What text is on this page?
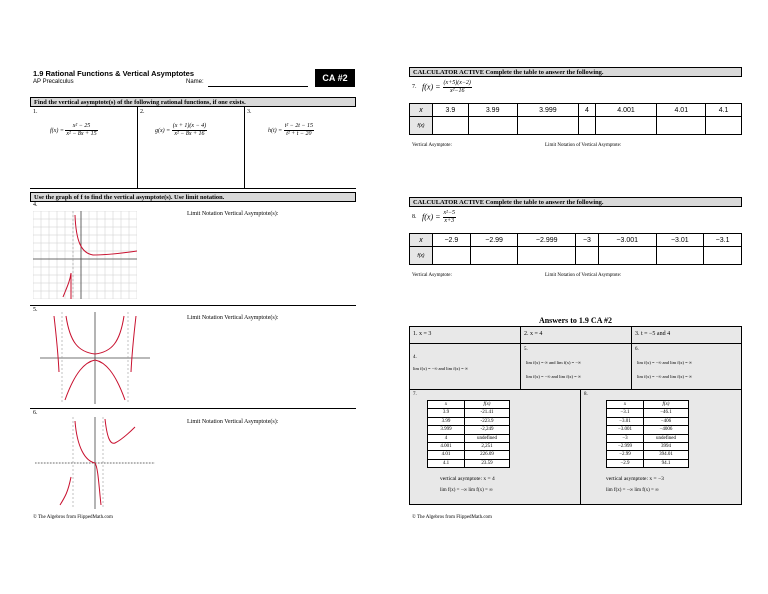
1.9 Rational Functions & Vertical Asymptotes
AP Precalculus	Name:	CA #2
Find the vertical asymptote(s) of the following rational functions, if one exists.
1.
$f(x) = \frac{\text{x² − 25}}{\text{x² − 8x + 15}}$
2.
$g(x) = \frac{(x + 1)(x - 4)}{\text{x² − 8x + 16}}$
3.
$h(t) = \frac{\text{t² − 2t − 15}}{\text{t² + t − 20}}$
Use the graph of f to find the vertical asymptote(s). Use limit notation.
4.
Limit Notation Vertical Asymptote(s):
5.
Limit Notation Vertical Asymptote(s):
6.
Limit Notation Vertical Asymptote(s):
© The Algebros from FlippedMath.com
CALCULATOR ACTIVE Complete the table to answer the following.
7. $f(x) = \frac{(x+5)(x-2)}{\text{x²−16}}$
x	3.9	3.99	3.999	4	4.001	4.01	4.1
f(x)							
Vertical Asymptote:	Limit Notation of Vertical Asymptote:
CALCULATOR ACTIVE Complete the table to answer the following.
8. $f(x) = \frac{\text{x²−5}}{x+3}$
x	−2.9	−2.99	−2.999	−3	−3.001	−3.01	−3.1
f(x)							
Vertical Asymptote:	Limit Notation of Vertical Asymptote:
Answers to 1.9 CA #2
1. x = 3	2. x = 4	3. t = −5 and 4
4.
lim f(x) = −∞ and lim f(x) = ∞
5.
lim f(x) = ∞ and lim f(x) = −∞
lim f(x) = −∞ and lim f(x) = ∞
6.
lim f(x) = −∞ and lim f(x) = ∞
lim f(x) = −∞ and lim f(x) = ∞
7.
x	f(x)
3.9	-21.41
3.99	-223.9
3.999	-2,249
4	undefined
4.001	2,251
4.01	226.09
4.1	23.59
vertical asymptote: x = 4
lim f(x) = −∞ lim f(x) = ∞
8.
x	f(x)
−3.1	−46.1
−3.01	−406
−3.001	−4006
−3	undefined
−2.999	3994
−2.99	394.01
−2.9	94.1
vertical asymptote: x = −3
lim f(x) = −∞ lim f(x) = ∞
© The Algebros from FlippedMath.com
